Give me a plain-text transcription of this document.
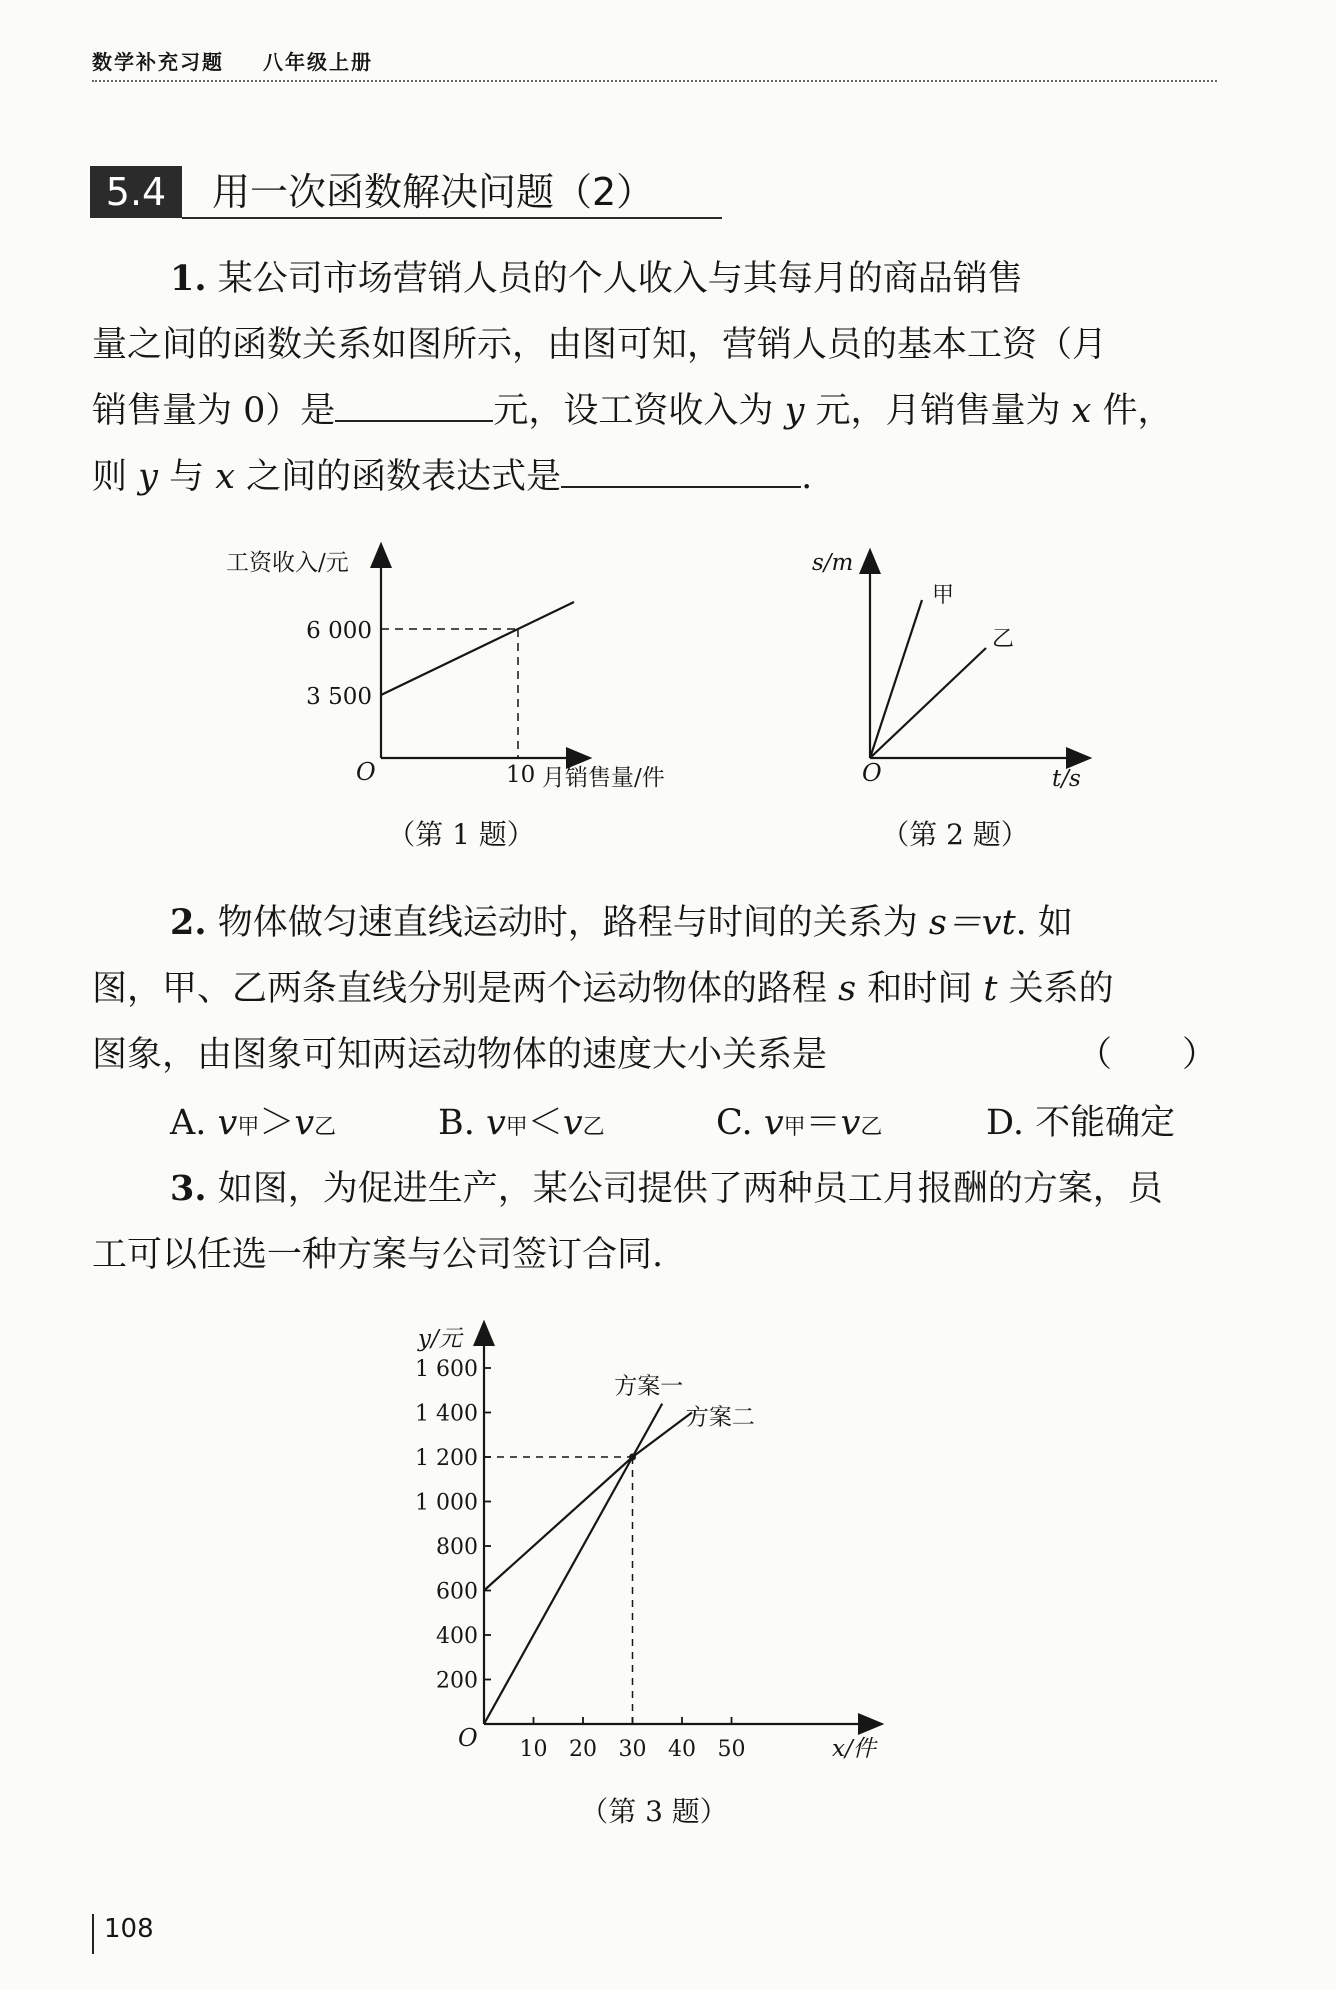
数学补充习题 八年级上册
5.4	用一次函数解决问题（2）
1. 某公司市场营销人员的个人收入与其每月的商品销售
量之间的函数关系如图所示，由图可知，营销人员的基本工资（月
销售量为 0）是	元，设工资收入为 y 元，月销售量为 x 件，
则 y 与 x 之间的函数表达式是	.
工资收入/元
6 000
3 500
O	10 月销售量/件
（第 1 题）
s/m
甲
乙
O	t/s
（第 2 题）
2. 物体做匀速直线运动时，路程与时间的关系为 s＝vt. 如
图，甲、乙两条直线分别是两个运动物体的路程 s 和时间 t 关系的
图象，由图象可知两运动物体的速度大小关系是	（　　）
A. v甲＞v乙	B. v甲＜v乙	C. v甲＝v乙	D. 不能确定
3. 如图，为促进生产，某公司提供了两种员工月报酬的方案，员
工可以任选一种方案与公司签订合同.
y/元
x/件
O
200
400
600
800
1 000
1 200
1 400
1 600
10 20 30 40 50
方案一
方案二
（第 3 题）
108
